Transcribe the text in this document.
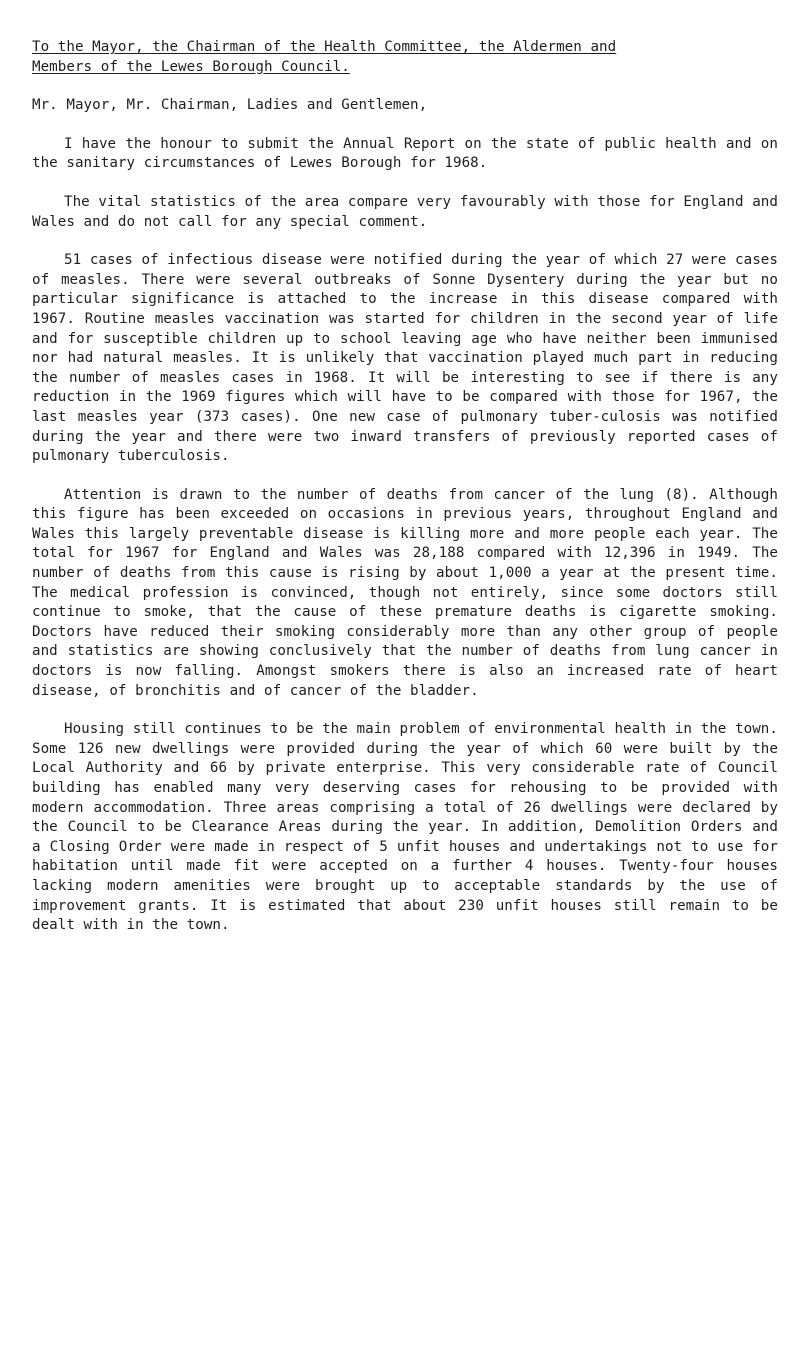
To the Mayor, the Chairman of the Health Committee, the Aldermen and
Members of the Lewes Borough Council.

Mr. Mayor, Mr. Chairman, Ladies and Gentlemen,

I have the honour to submit the Annual Report on the state of public health and on the sanitary circumstances of Lewes Borough for 1968.

The vital statistics of the area compare very favourably with those for England and Wales and do not call for any special comment.

51 cases of infectious disease were notified during the year of which 27 were cases of measles. There were several outbreaks of Sonne Dysentery during the year but no particular significance is attached to the increase in this disease compared with 1967. Routine measles vaccination was started for children in the second year of life and for susceptible children up to school leaving age who have neither been immunised nor had natural measles. It is unlikely that vaccination played much part in reducing the number of measles cases in 1968. It will be interesting to see if there is any reduction in the 1969 figures which will have to be compared with those for 1967, the last measles year (373 cases). One new case of pulmonary tuber-culosis was notified during the year and there were two inward transfers of previously reported cases of pulmonary tuberculosis.

Attention is drawn to the number of deaths from cancer of the lung (8). Although this figure has been exceeded on occasions in previous years, throughout England and Wales this largely preventable disease is killing more and more people each year. The total for 1967 for England and Wales was 28,188 compared with 12,396 in 1949. The number of deaths from this cause is rising by about 1,000 a year at the present time. The medical profession is convinced, though not entirely, since some doctors still continue to smoke, that the cause of these premature deaths is cigarette smoking. Doctors have reduced their smoking considerably more than any other group of people and statistics are showing conclusively that the number of deaths from lung cancer in doctors is now falling. Amongst smokers there is also an increased rate of heart disease, of bronchitis and of cancer of the bladder.

Housing still continues to be the main problem of environmental health in the town. Some 126 new dwellings were provided during the year of which 60 were built by the Local Authority and 66 by private enterprise. This very considerable rate of Council building has enabled many very deserving cases for rehousing to be provided with modern accommodation. Three areas comprising a total of 26 dwellings were declared by the Council to be Clearance Areas during the year. In addition, Demolition Orders and a Closing Order were made in respect of 5 unfit houses and undertakings not to use for habitation until made fit were accepted on a further 4 houses. Twenty-four houses lacking modern amenities were brought up to acceptable standards by the use of improvement grants. It is estimated that about 230 unfit houses still remain to be dealt with in the town.
